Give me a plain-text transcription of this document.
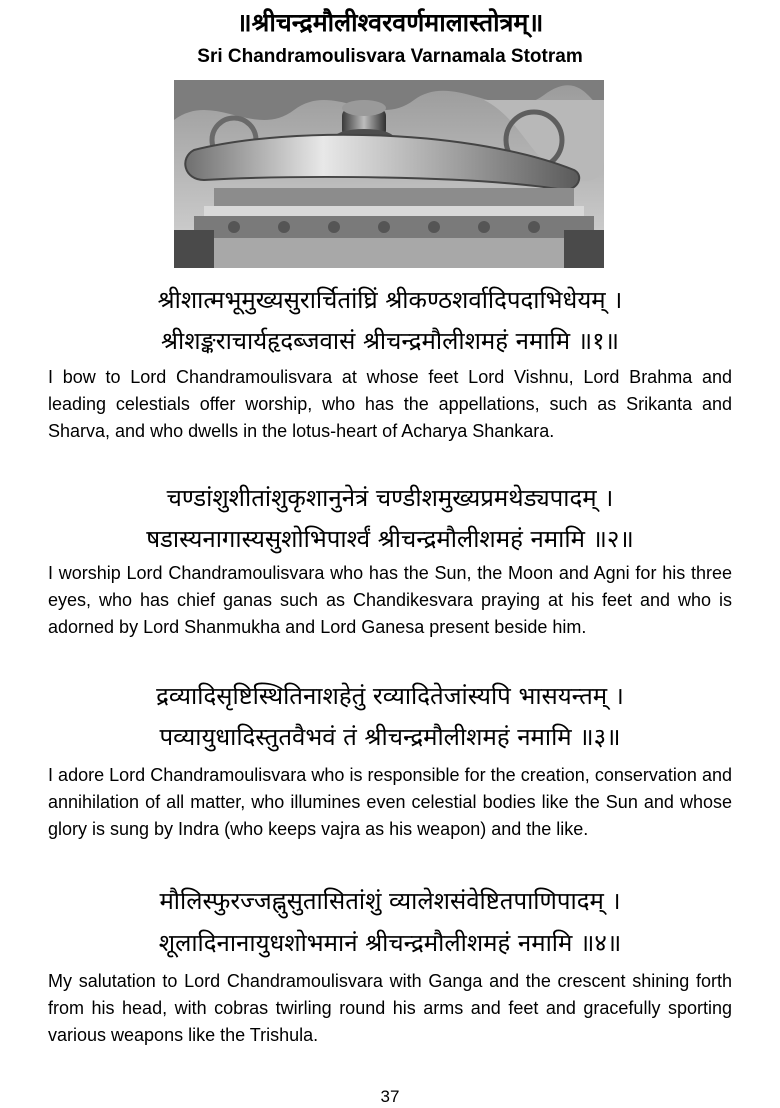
॥श्रीचन्द्रमौलीश्वरवर्णमालास्तोत्रम्॥
Sri Chandramoulisvara Varnamala Stotram
श्रीशात्मभूमुख्यसुरार्चितांघ्रिं श्रीकण्ठशर्वादिपदाभिधेयम् ।
श्रीशङ्कराचार्यहृदब्जवासं श्रीचन्द्रमौलीशमहं नमामि ॥१॥
I bow to Lord Chandramoulisvara at whose feet Lord Vishnu, Lord Brahma and leading celestials offer worship, who has the appellations, such as Srikanta and Sharva, and who dwells in the lotus-heart of Acharya Shankara.
चण्डांशुशीतांशुकृशानुनेत्रं चण्डीशमुख्यप्रमथेड्यपादम् ।
षडास्यनागास्यसुशोभिपार्श्वं श्रीचन्द्रमौलीशमहं नमामि ॥२॥
I worship Lord Chandramoulisvara who has the Sun, the Moon and Agni for his three eyes, who has chief ganas such as Chandikesvara praying at his feet and who is adorned by Lord Shanmukha and Lord Ganesa present beside him.
द्रव्यादिसृष्टिस्थितिनाशहेतुं रव्यादितेजांस्यपि भासयन्तम् ।
पव्यायुधादिस्तुतवैभवं तं श्रीचन्द्रमौलीशमहं नमामि ॥३॥
I adore Lord Chandramoulisvara who is responsible for the creation, conservation and annihilation of all matter, who illumines even celestial bodies like the Sun and whose glory is sung by Indra (who keeps vajra as his weapon) and the like.
मौलिस्फुरज्जह्नुसुतासितांशुं व्यालेशसंवेष्टितपाणिपादम् ।
शूलादिनानायुधशोभमानं श्रीचन्द्रमौलीशमहं नमामि ॥४॥
My salutation to Lord Chandramoulisvara with Ganga and the crescent shining forth from his head, with cobras twirling round his arms and feet and gracefully sporting various weapons like the Trishula.
37
